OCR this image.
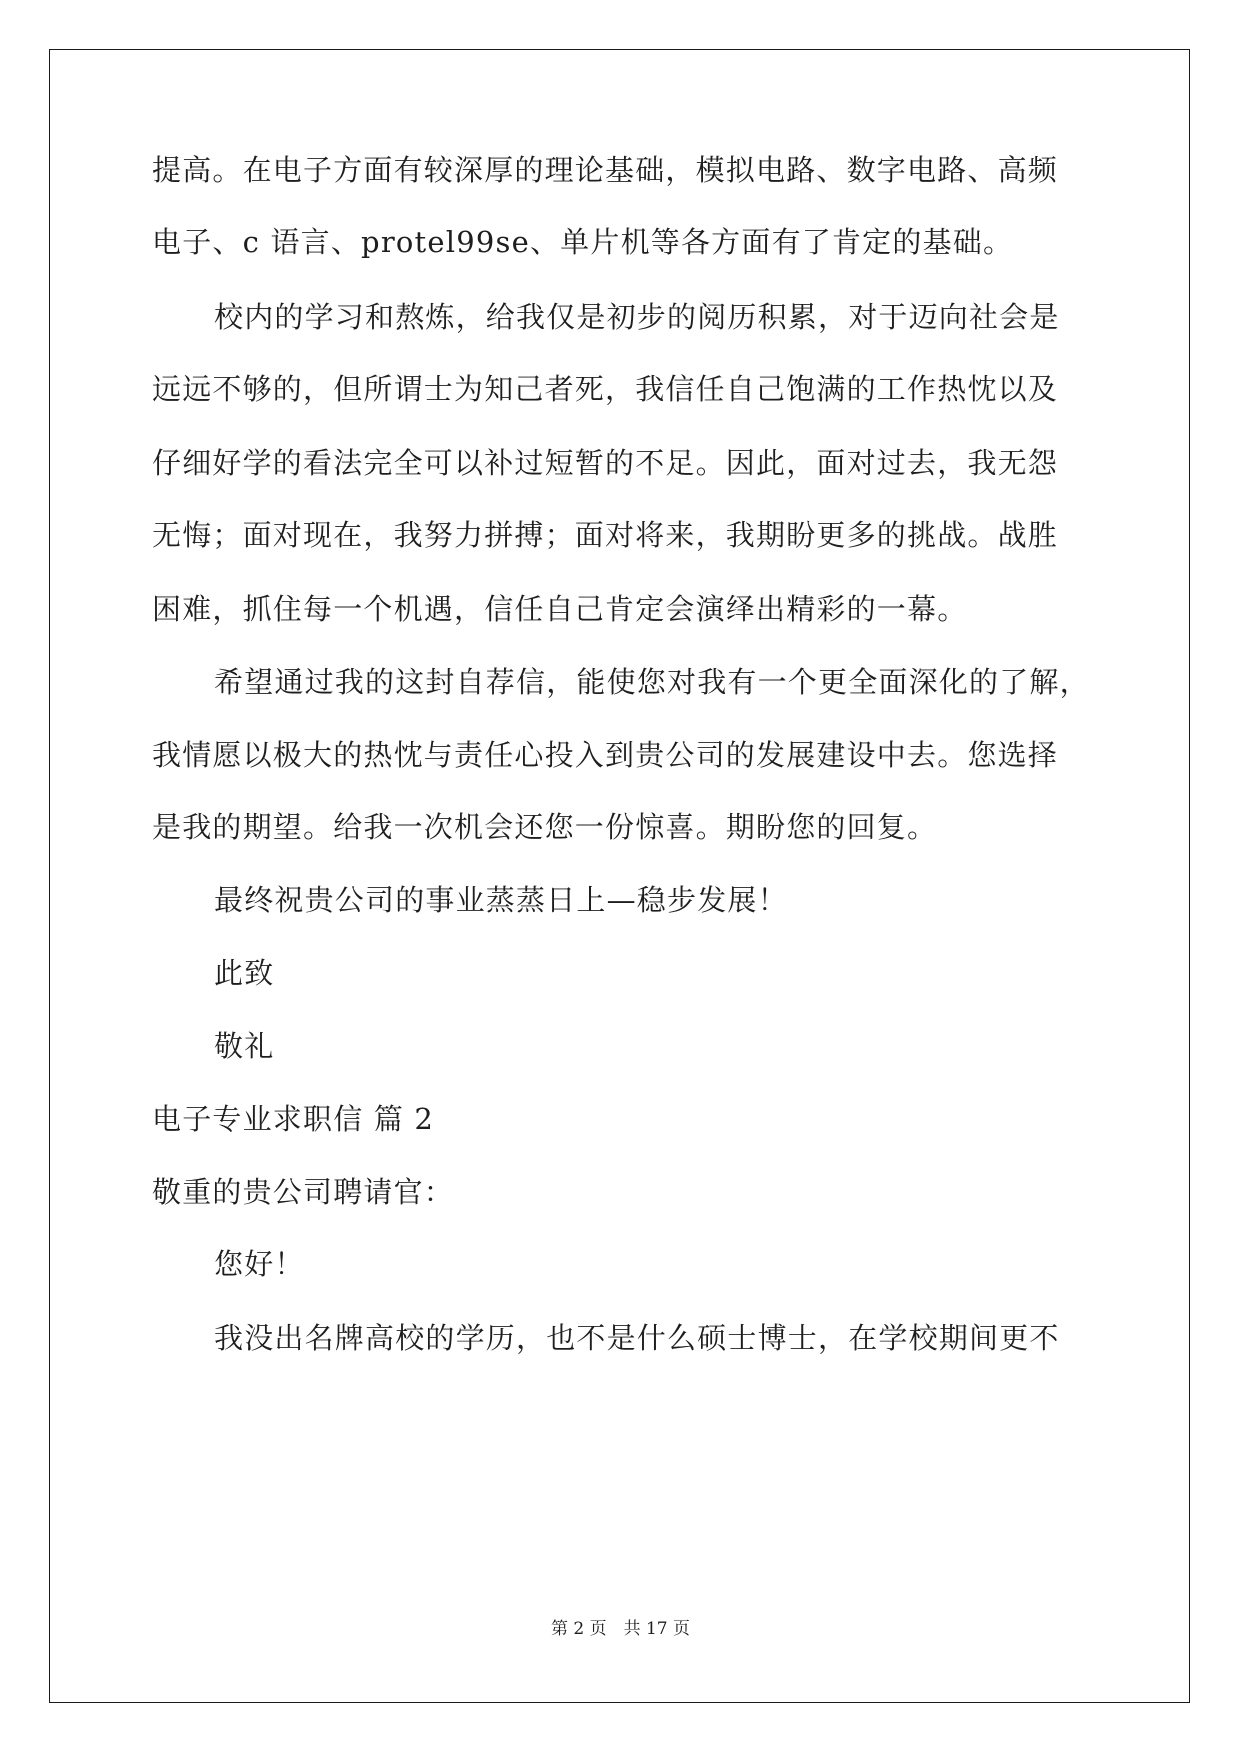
提高。在电子方面有较深厚的理论基础，模拟电路、数字电路、高频

电子、c 语言、protel99se、单片机等各方面有了肯定的基础。

校内的学习和熬炼，给我仅是初步的阅历积累，对于迈向社会是

远远不够的，但所谓士为知己者死，我信任自己饱满的工作热忱以及

仔细好学的看法完全可以补过短暂的不足。因此，面对过去，我无怨

无悔；面对现在，我努力拼搏；面对将来，我期盼更多的挑战。战胜

困难，抓住每一个机遇，信任自己肯定会演绎出精彩的一幕。

希望通过我的这封自荐信，能使您对我有一个更全面深化的了解，

我情愿以极大的热忱与责任心投入到贵公司的发展建设中去。您选择

是我的期望。给我一次机会还您一份惊喜。期盼您的回复。

最终祝贵公司的事业蒸蒸日上—稳步发展！

此致

敬礼

电子专业求职信 篇 2

敬重的贵公司聘请官：

您好！

我没出名牌高校的学历，也不是什么硕士博士，在学校期间更不

第 2 页　共 17 页
